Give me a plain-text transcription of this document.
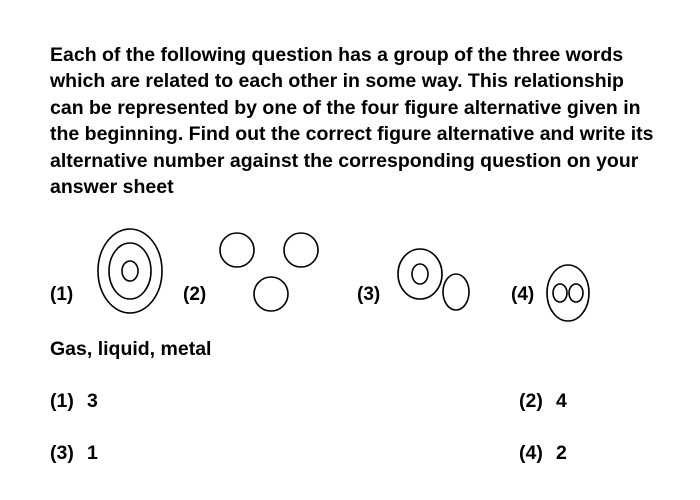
Each of the following question has a group of the three words which are related to each other in some way. This relationship can be represented by one of the four figure alternative given in the beginning. Find out the correct figure alternative and write its alternative number against the corresponding question on your answer sheet
(1)	(2)	(3)	(4)
Gas, liquid, metal
(1) 3	(2) 4
(3) 1	(4) 2
